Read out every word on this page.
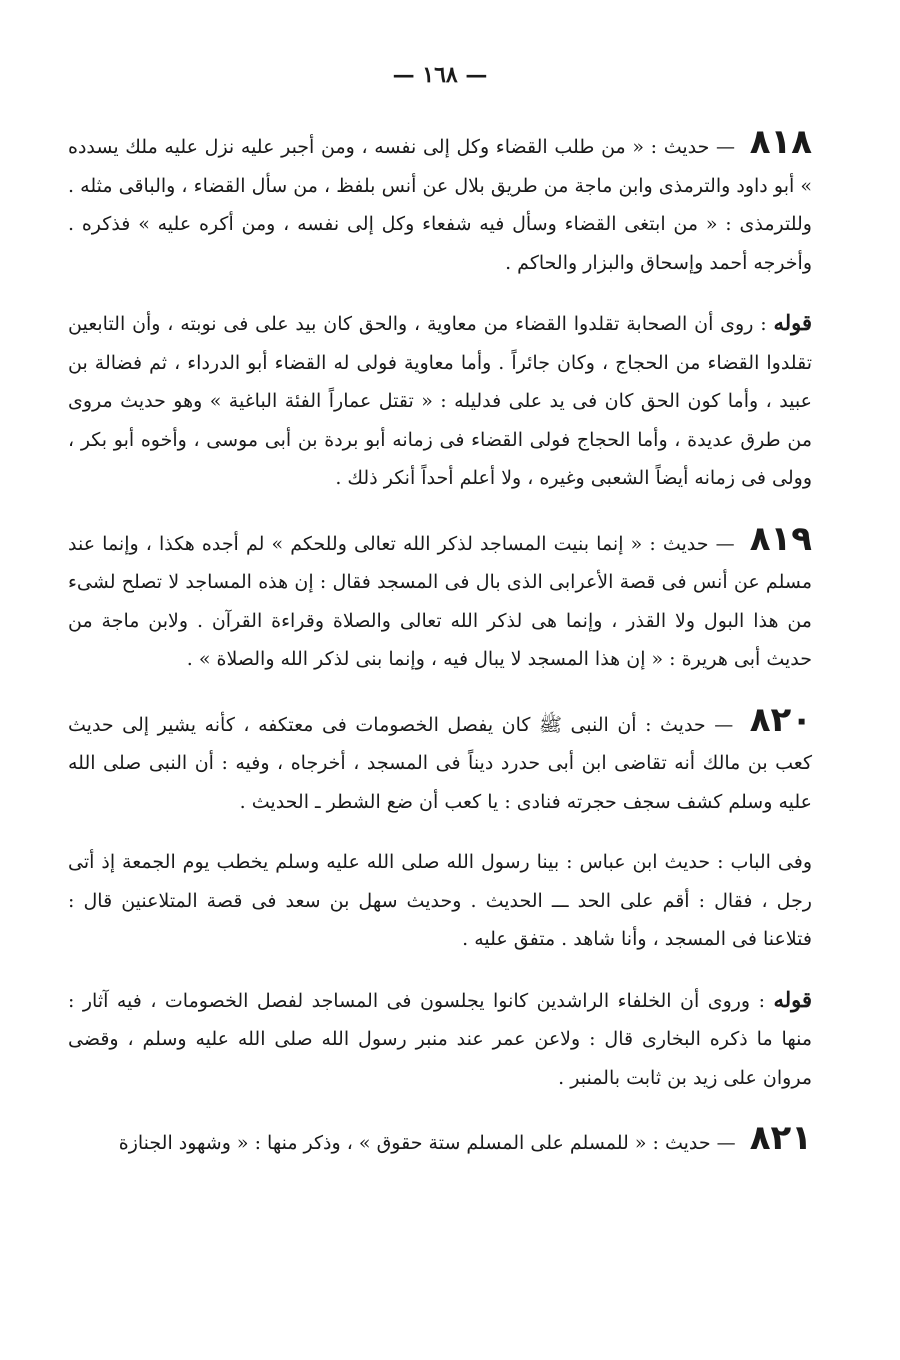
— ١٦٨ —

٨١٨ — حديث : « من طلب القضاء وكل إلى نفسه ، ومن أجبر عليه نزل عليه ملك يسدده » أبو داود والترمذى وابن ماجة من طريق بلال عن أنس بلفظ ، من سأل القضاء ، والباقى مثله . وللترمذى : « من ابتغى القضاء وسأل فيه شفعاء وكل إلى نفسه ، ومن أكره عليه » فذكره . وأخرجه أحمد وإسحاق والبزار والحاكم .

قوله : روى أن الصحابة تقلدوا القضاء من معاوية ، والحق كان بيد على فى نوبته ، وأن التابعين تقلدوا القضاء من الحجاج ، وكان جائراً . وأما معاوية فولى له القضاء أبو الدرداء ، ثم فضالة بن عبيد ، وأما كون الحق كان فى يد على فدليله : « تقتل عماراً الفئة الباغية » وهو حديث مروى من طرق عديدة ، وأما الحجاج فولى القضاء فى زمانه أبو بردة بن أبى موسى ، وأخوه أبو بكر ، وولى فى زمانه أيضاً الشعبى وغيره ، ولا أعلم أحداً أنكر ذلك .

٨١٩ — حديث : « إنما بنيت المساجد لذكر الله تعالى وللحكم » لم أجده هكذا ، وإنما عند مسلم عن أنس فى قصة الأعرابى الذى بال فى المسجد فقال : إن هذه المساجد لا تصلح لشىء من هذا البول ولا القذر ، وإنما هى لذكر الله تعالى والصلاة وقراءة القرآن . ولابن ماجة من حديث أبى هريرة : « إن هذا المسجد لا يبال فيه ، وإنما بنى لذكر الله والصلاة » .

٨٢٠ — حديث : أن النبى ﷺ كان يفصل الخصومات فى معتكفه ، كأنه يشير إلى حديث كعب بن مالك أنه تقاضى ابن أبى حدرد ديناً فى المسجد ، أخرجاه ، وفيه : أن النبى صلى الله عليه وسلم كشف سجف حجرته فنادى : يا كعب أن ضع الشطر ـ الحديث .

وفى الباب : حديث ابن عباس : بينا رسول الله صلى الله عليه وسلم يخطب يوم الجمعة إذ أتى رجل ، فقال : أقم على الحد ـــ الحديث . وحديث سهل بن سعد فى قصة المتلاعنين قال : فتلاعنا فى المسجد ، وأنا شاهد . متفق عليه .

قوله : وروى أن الخلفاء الراشدين كانوا يجلسون فى المساجد لفصل الخصومات ، فيه آثار : منها ما ذكره البخارى قال : ولاعن عمر عند منبر رسول الله صلى الله عليه وسلم ، وقضى مروان على زيد بن ثابت بالمنبر .

٨٢١ — حديث : « للمسلم على المسلم ستة حقوق » ، وذكر منها : « وشهود الجنازة
